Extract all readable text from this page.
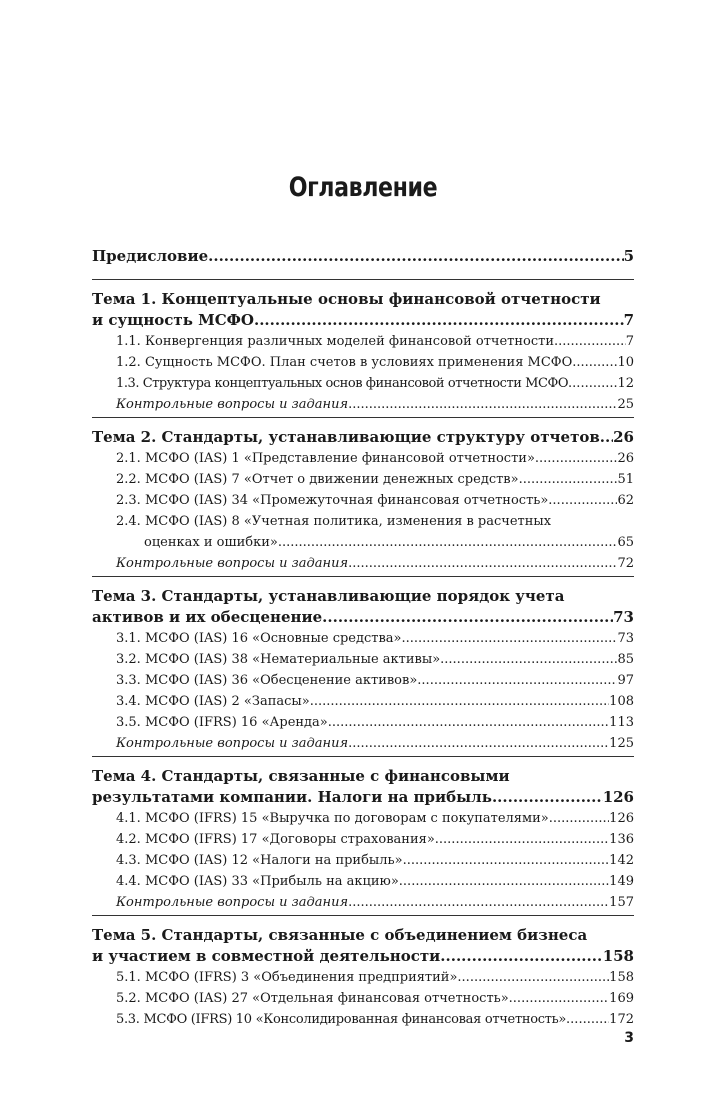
Оглавление
Предисловие .....	5
Тема 1. Концептуальные основы финансовой отчетности
и сущность МСФО .....	7
1.1. Конвергенция различных моделей финансовой отчетности .....	7
1.2. Сущность МСФО. План счетов в условиях применения МСФО .....	10
1.3. Структура концептуальных основ финансовой отчетности МСФО .....	12
Контрольные вопросы и задания .....	25
Тема 2. Стандарты, устанавливающие структуру отчетов ..... 26
2.1. МСФО (IAS) 1 «Представление финансовой отчетности» .....	26
2.2. МСФО (IAS) 7 «Отчет о движении денежных средств» .....	51
2.3. МСФО (IAS) 34 «Промежуточная финансовая отчетность» .....	62
2.4. МСФО (IAS) 8 «Учетная политика, изменения в расчетных
оценках и ошибки» .....	65
Контрольные вопросы и задания .....	72
Тема 3. Стандарты, устанавливающие порядок учета
активов и их обесценение .....	73
3.1. МСФО (IAS) 16 «Основные средства» .....	73
3.2. МСФО (IAS) 38 «Нематериальные активы» .....	85
3.3. МСФО (IAS) 36 «Обесценение активов» .....	97
3.4. МСФО (IAS) 2 «Запасы» .....	108
3.5. МСФО (IFRS) 16 «Аренда» .....	113
Контрольные вопросы и задания .....	125
Тема 4. Стандарты, связанные с финансовыми
результатами компании. Налоги на прибыль .....	126
4.1. МСФО (IFRS) 15 «Выручка по договорам с покупателями» .....	126
4.2. МСФО (IFRS) 17 «Договоры страхования» .....	136
4.3. МСФО (IAS) 12 «Налоги на прибыль» .....	142
4.4. МСФО (IAS) 33 «Прибыль на акцию» .....	149
Контрольные вопросы и задания .....	157
Тема 5. Стандарты, связанные с объединением бизнеса
и участием в совместной деятельности .....	158
5.1. МСФО (IFRS) 3 «Объединения предприятий» .....	158
5.2. МСФО (IAS) 27 «Отдельная финансовая отчетность» .....	169
5.3. МСФО (IFRS) 10 «Консолидированная финансовая отчетность» .....	172
3
